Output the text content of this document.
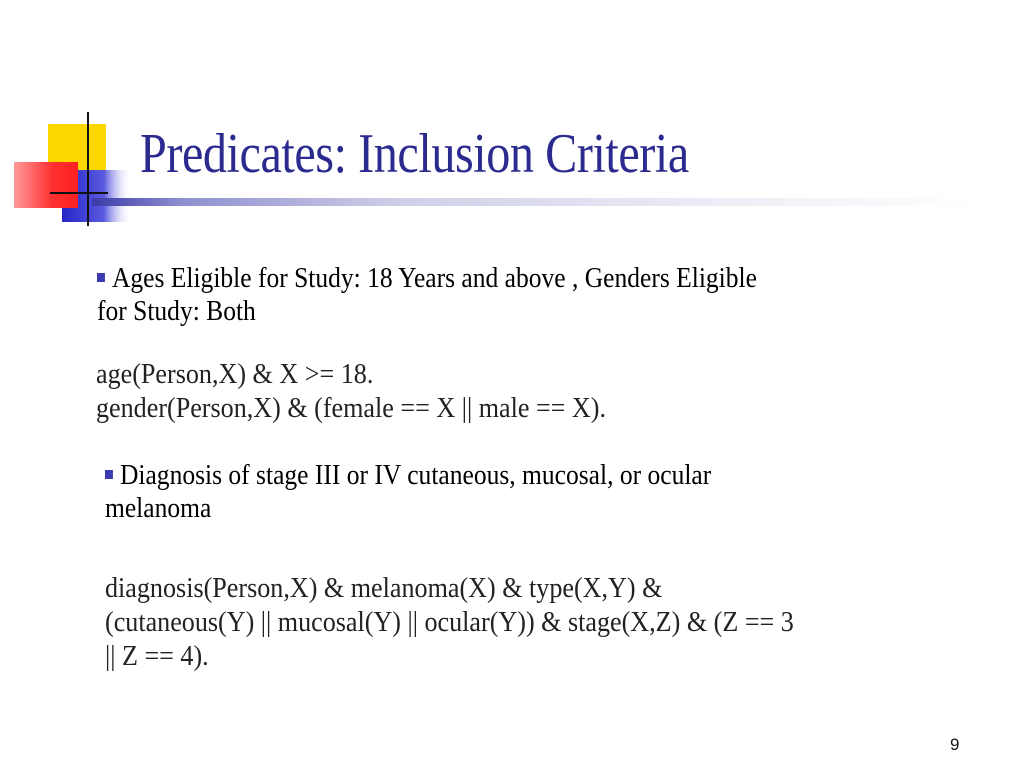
Predicates: Inclusion Criteria
Ages Eligible for Study: 18 Years and above , Genders Eligible
for Study: Both
age(Person,X) & X >= 18.
gender(Person,X) & (female == X || male == X).
Diagnosis of stage III or IV cutaneous, mucosal, or ocular
melanoma
diagnosis(Person,X) & melanoma(X) & type(X,Y) &
(cutaneous(Y) || mucosal(Y) || ocular(Y)) & stage(X,Z) & (Z == 3
|| Z == 4).
9
